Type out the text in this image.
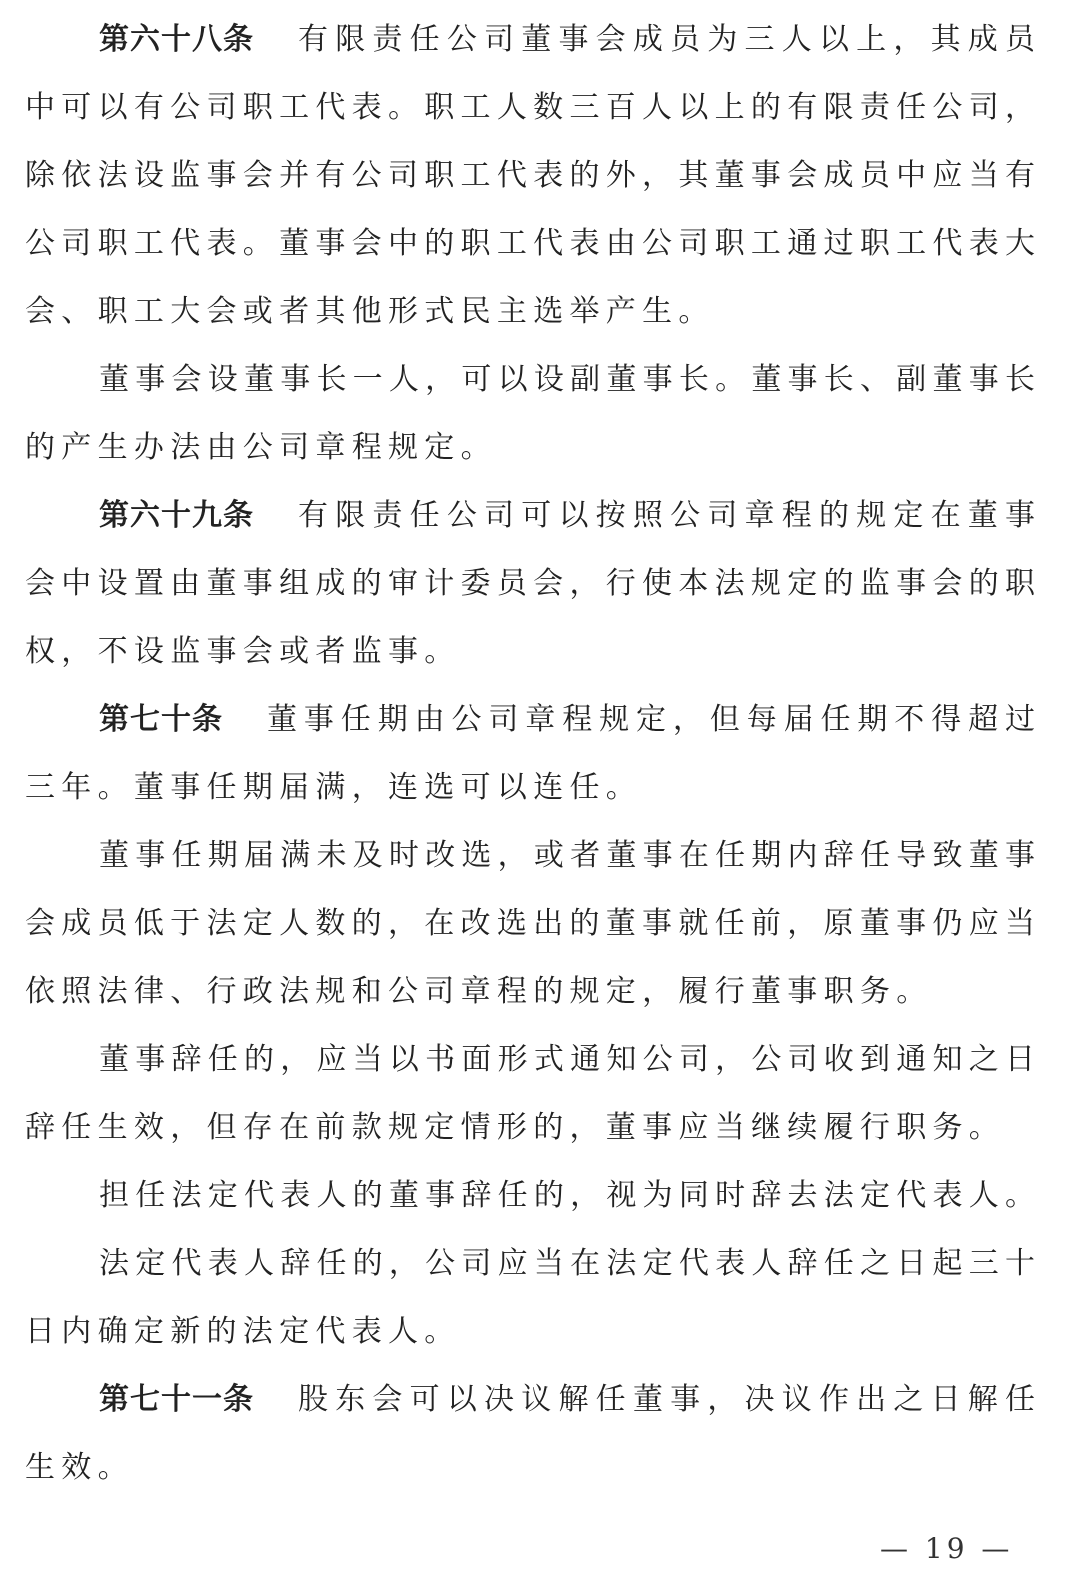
第六十八条 有限责任公司董事会成员为三人以上，其成员
中可以有公司职工代表。职工人数三百人以上的有限责任公司，
除依法设监事会并有公司职工代表的外，其董事会成员中应当有
公司职工代表。董事会中的职工代表由公司职工通过职工代表大
会、职工大会或者其他形式民主选举产生。
董事会设董事长一人，可以设副董事长。董事长、副董事长
的产生办法由公司章程规定。
第六十九条 有限责任公司可以按照公司章程的规定在董事
会中设置由董事组成的审计委员会，行使本法规定的监事会的职
权，不设监事会或者监事。
第七十条 董事任期由公司章程规定，但每届任期不得超过
三年。董事任期届满，连选可以连任。
董事任期届满未及时改选，或者董事在任期内辞任导致董事
会成员低于法定人数的，在改选出的董事就任前，原董事仍应当
依照法律、行政法规和公司章程的规定，履行董事职务。
董事辞任的，应当以书面形式通知公司，公司收到通知之日
辞任生效，但存在前款规定情形的，董事应当继续履行职务。
担任法定代表人的董事辞任的，视为同时辞去法定代表人。
法定代表人辞任的，公司应当在法定代表人辞任之日起三十
日内确定新的法定代表人。
第七十一条 股东会可以决议解任董事，决议作出之日解任
生效。
— 19 —
